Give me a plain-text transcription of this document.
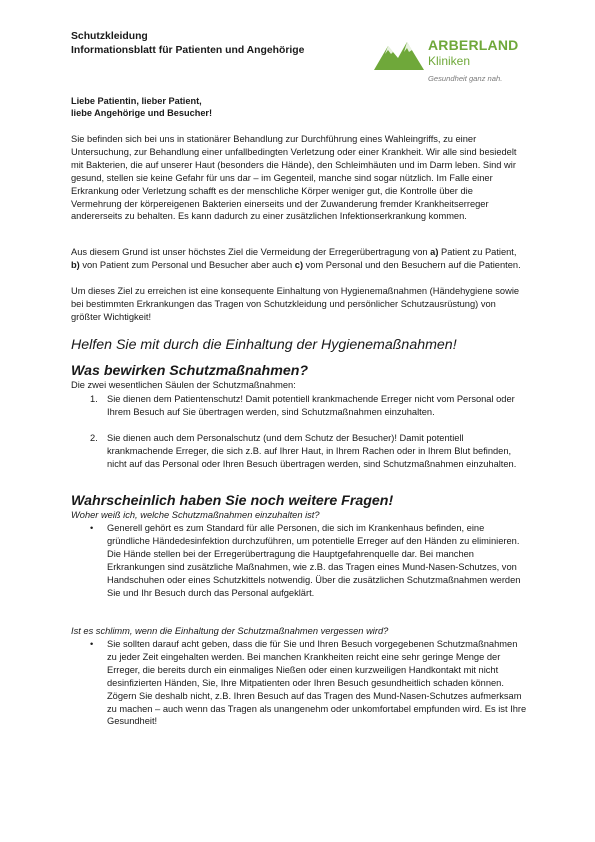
Schutzkleidung
Informationsblatt für Patienten und Angehörige	ARBERLAND
Kliniken
Gesundheit ganz nah.
Liebe Patientin, lieber Patient,
liebe Angehörige und Besucher!

Sie befinden sich bei uns in stationärer Behandlung zur Durchführung eines Wahleingriffs, zu einer Untersuchung, zur Behandlung einer unfallbedingten Verletzung oder einer Krankheit. Wir alle sind besiedelt mit Bakterien, die auf unserer Haut (besonders die Hände), den Schleimhäuten und im Darm leben. Sind wir gesund, stellen sie keine Gefahr für uns dar – im Gegenteil, manche sind sogar nützlich. Im Falle einer Erkrankung oder Verletzung schafft es der menschliche Körper weniger gut, die Kontrolle über die Vermehrung der körpereigenen Bakterien einerseits und der Zuwanderung fremder Krankheitserreger andererseits zu behalten. Es kann dadurch zu einer zusätzlichen Infektionserkrankung kommen.

Aus diesem Grund ist unser höchstes Ziel die Vermeidung der Erregerübertragung von a) Patient zu Patient, b) von Patient zum Personal und Besucher aber auch c) vom Personal und den Besuchern auf die Patienten.

Um dieses Ziel zu erreichen ist eine konsequente Einhaltung von Hygienemaßnahmen (Händehygiene sowie bei bestimmten Erkrankungen das Tragen von Schutzkleidung und persönlicher Schutzausrüstung) von größter Wichtigkeit!

Helfen Sie mit durch die Einhaltung der Hygienemaßnahmen!
Was bewirken Schutzmaßnahmen?
Die zwei wesentlichen Säulen der Schutzmaßnahmen:
1. Sie dienen dem Patientenschutz! Damit potentiell krankmachende Erreger nicht vom Personal oder Ihrem Besuch auf Sie übertragen werden, sind Schutzmaßnahmen einzuhalten.

2. Sie dienen auch dem Personalschutz (und dem Schutz der Besucher)! Damit potentiell krankmachende Erreger, die sich z.B. auf Ihrer Haut, in Ihrem Rachen oder in Ihrem Blut befinden, nicht auf das Personal oder Ihren Besuch übertragen werden, sind Schutzmaßnahmen einzuhalten.

Wahrscheinlich haben Sie noch weitere Fragen!
Woher weiß ich, welche Schutzmaßnahmen einzuhalten ist?
• Generell gehört es zum Standard für alle Personen, die sich im Krankenhaus befinden, eine gründliche Händedesinfektion durchzuführen, um potentielle Erreger auf den Händen zu eliminieren. Die Hände stellen bei der Erregerübertragung die Hauptgefahrenquelle dar. Bei manchen Erkrankungen sind zusätzliche Maßnahmen, wie z.B. das Tragen eines Mund-Nasen-Schutzes, von Handschuhen oder eines Schutzkittels notwendig. Über die zusätzlichen Schutzmaßnahmen werden Sie und Ihr Besuch durch das Personal aufgeklärt.

Ist es schlimm, wenn die Einhaltung der Schutzmaßnahmen vergessen wird?
• Sie sollten darauf acht geben, dass die für Sie und Ihren Besuch vorgegebenen Schutzmaßnahmen zu jeder Zeit eingehalten werden. Bei manchen Krankheiten reicht eine sehr geringe Menge der Erreger, die bereits durch ein einmaliges Nießen oder einen kurzweiligen Handkontakt mit nicht desinfizierten Händen, Sie, Ihre Mitpatienten oder Ihren Besuch gesundheitlich schaden können. Zögern Sie deshalb nicht, z.B. Ihren Besuch auf das Tragen des Mund-Nasen-Schutzes aufmerksam zu machen – auch wenn das Tragen als unangenehm oder unkomfortabel empfunden wird. Es ist Ihre Gesundheit!
